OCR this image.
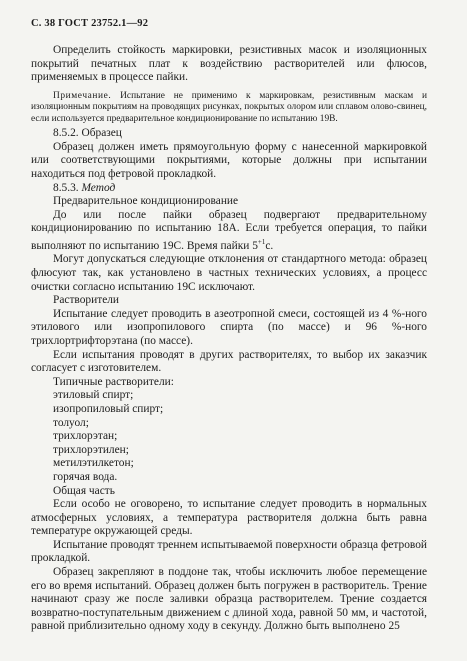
С. 38 ГОСТ 23752.1—92

Определить стойкость маркировки, резистивных масок и изоляционных покрытий печатных плат к воздействию растворителей или флюсов, применяемых в процессе пайки.

Примечание. Испытание не применимо к маркировкам, резистивным маскам и изоляционным покрытиям на проводящих рисунках, покрытых олором или сплавом олово-свинец, если используется предварительное кондиционирование по испытанию 19В.

8.5.2. Образец

Образец должен иметь прямоугольную форму с нанесенной маркировкой или соответствующими покрытиями, которые должны при испытании находиться под фетровой прокладкой.

8.5.3. Метод

Предварительное кондиционирование

До или после пайки образец подвергают предварительному кондиционированию по испытанию 18А. Если требуется операция, то пайки выполняют по испытанию 19С. Время пайки $5^{+1}с$.

Могут допускаться следующие отклонения от стандартного метода: образец флюсуют так, как установлено в частных технических условиях, а процесс очистки согласно испытанию 19С исключают.

Растворители

Испытание следует проводить в азеотропной смеси, состоящей из 4 %-ного этилового или изопропилового спирта (по массе) и 96 %-ного трихлортрифторэтана (по массе).

Если испытания проводят в других растворителях, то выбор их заказчик согласует с изготовителем.

Типичные растворители:

этиловый спирт;
изопропиловый спирт;
толуол;
трихлорэтан;
трихлорэтилен;
метилэтилкетон;
горячая вода.

Общая часть

Если особо не оговорено, то испытание следует проводить в нормальных атмосферных условиях, а температура растворителя должна быть равна температуре окружающей среды.

Испытание проводят треннем испытываемой поверхности образца фетровой прокладкой.

Образец закрепляют в поддоне так, чтобы исключить любое перемещение его во время испытаний. Образец должен быть погружен в растворитель. Трение начинают сразу же после заливки образца растворителем. Трение создается возвратно-поступательным движением с длиной хода, равной 50 мм, и частотой, равной приблизительно одному ходу в секунду. Должно быть выполнено 25
